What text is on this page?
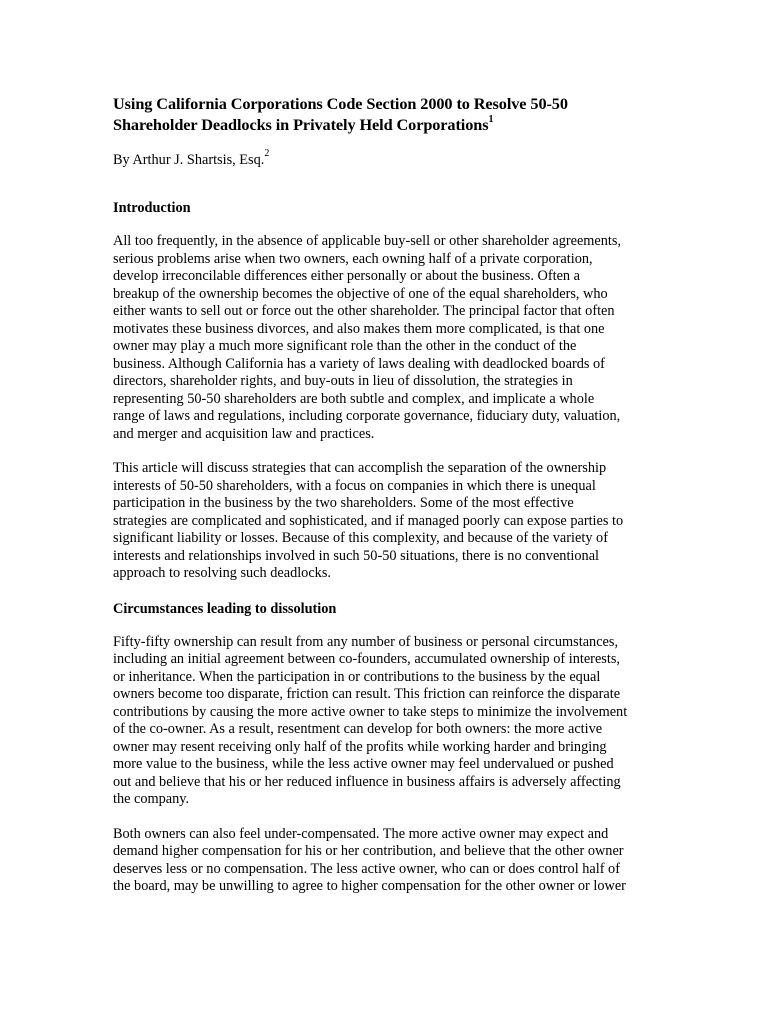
Using California Corporations Code Section 2000 to Resolve 50-50
Shareholder Deadlocks in Privately Held Corporations$^1$
By Arthur J. Shartsis, Esq.$^2$
Introduction
All too frequently, in the absence of applicable buy-sell or other shareholder agreements,
serious problems arise when two owners, each owning half of a private corporation,
develop irreconcilable differences either personally or about the business. Often a
breakup of the ownership becomes the objective of one of the equal shareholders, who
either wants to sell out or force out the other shareholder. The principal factor that often
motivates these business divorces, and also makes them more complicated, is that one
owner may play a much more significant role than the other in the conduct of the
business. Although California has a variety of laws dealing with deadlocked boards of
directors, shareholder rights, and buy-outs in lieu of dissolution, the strategies in
representing 50-50 shareholders are both subtle and complex, and implicate a whole
range of laws and regulations, including corporate governance, fiduciary duty, valuation,
and merger and acquisition law and practices.
This article will discuss strategies that can accomplish the separation of the ownership
interests of 50-50 shareholders, with a focus on companies in which there is unequal
participation in the business by the two shareholders. Some of the most effective
strategies are complicated and sophisticated, and if managed poorly can expose parties to
significant liability or losses. Because of this complexity, and because of the variety of
interests and relationships involved in such 50-50 situations, there is no conventional
approach to resolving such deadlocks.
Circumstances leading to dissolution
Fifty-fifty ownership can result from any number of business or personal circumstances,
including an initial agreement between co-founders, accumulated ownership of interests,
or inheritance. When the participation in or contributions to the business by the equal
owners become too disparate, friction can result. This friction can reinforce the disparate
contributions by causing the more active owner to take steps to minimize the involvement
of the co-owner. As a result, resentment can develop for both owners: the more active
owner may resent receiving only half of the profits while working harder and bringing
more value to the business, while the less active owner may feel undervalued or pushed
out and believe that his or her reduced influence in business affairs is adversely affecting
the company.
Both owners can also feel under-compensated. The more active owner may expect and
demand higher compensation for his or her contribution, and believe that the other owner
deserves less or no compensation. The less active owner, who can or does control half of
the board, may be unwilling to agree to higher compensation for the other owner or lower
